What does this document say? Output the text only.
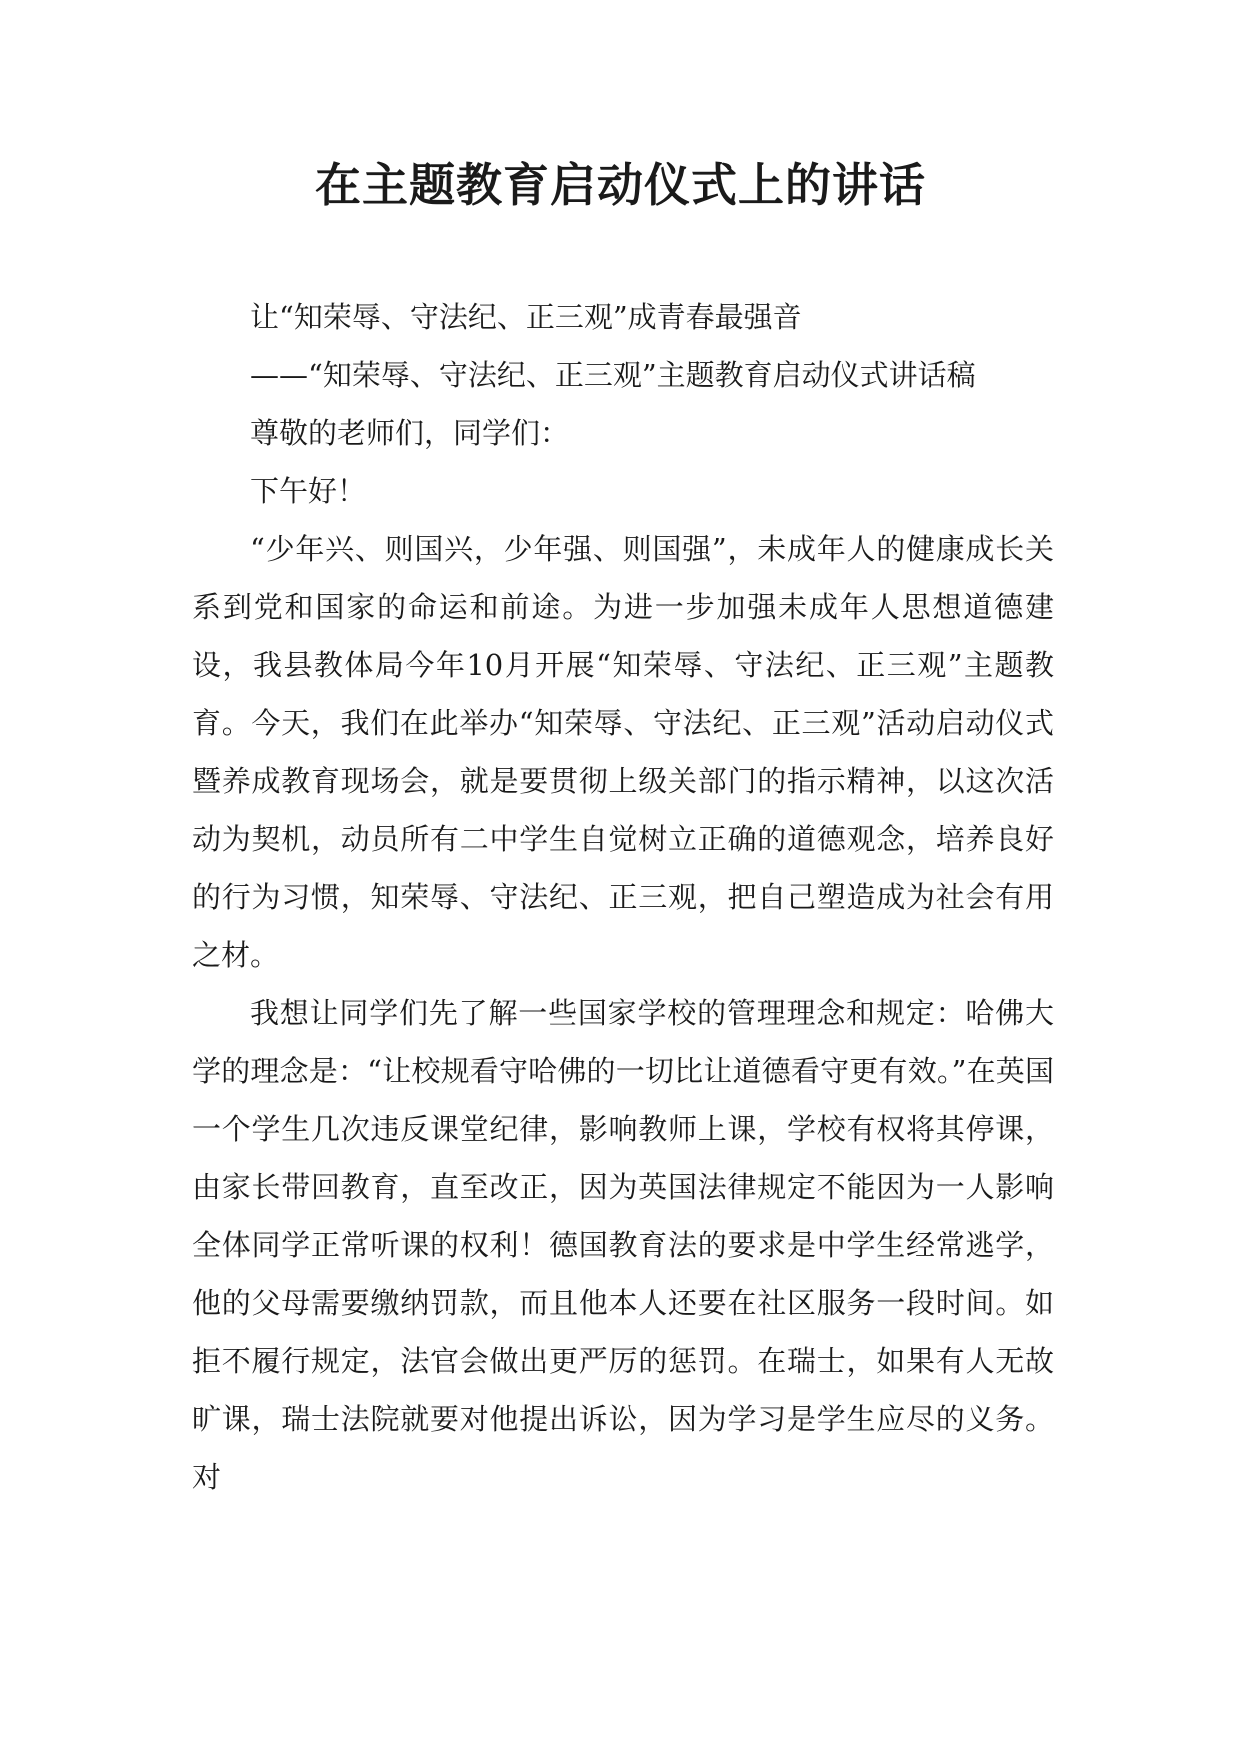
在主题教育启动仪式上的讲话

让“知荣辱、守法纪、正三观”成青春最强音

——“知荣辱、守法纪、正三观”主题教育启动仪式讲话稿

尊敬的老师们，同学们：

下午好！

“少年兴、则国兴，少年强、则国强”，未成年人的健康成长关系到党和国家的命运和前途。为进一步加强未成年人思想道德建设，我县教体局今年10月开展“知荣辱、守法纪、正三观”主题教育。今天，我们在此举办“知荣辱、守法纪、正三观”活动启动仪式暨养成教育现场会，就是要贯彻上级关部门的指示精神，以这次活动为契机，动员所有二中学生自觉树立正确的道德观念，培养良好的行为习惯，知荣辱、守法纪、正三观，把自己塑造成为社会有用之材。

我想让同学们先了解一些国家学校的管理理念和规定：哈佛大学的理念是：“让校规看守哈佛的一切比让道德看守更有效。”在英国一个学生几次违反课堂纪律，影响教师上课，学校有权将其停课，由家长带回教育，直至改正，因为英国法律规定不能因为一人影响全体同学正常听课的权利！德国教育法的要求是中学生经常逃学，他的父母需要缴纳罚款，而且他本人还要在社区服务一段时间。如拒不履行规定，法官会做出更严厉的惩罚。在瑞士，如果有人无故旷课，瑞士法院就要对他提出诉讼，因为学习是学生应尽的义务。对
